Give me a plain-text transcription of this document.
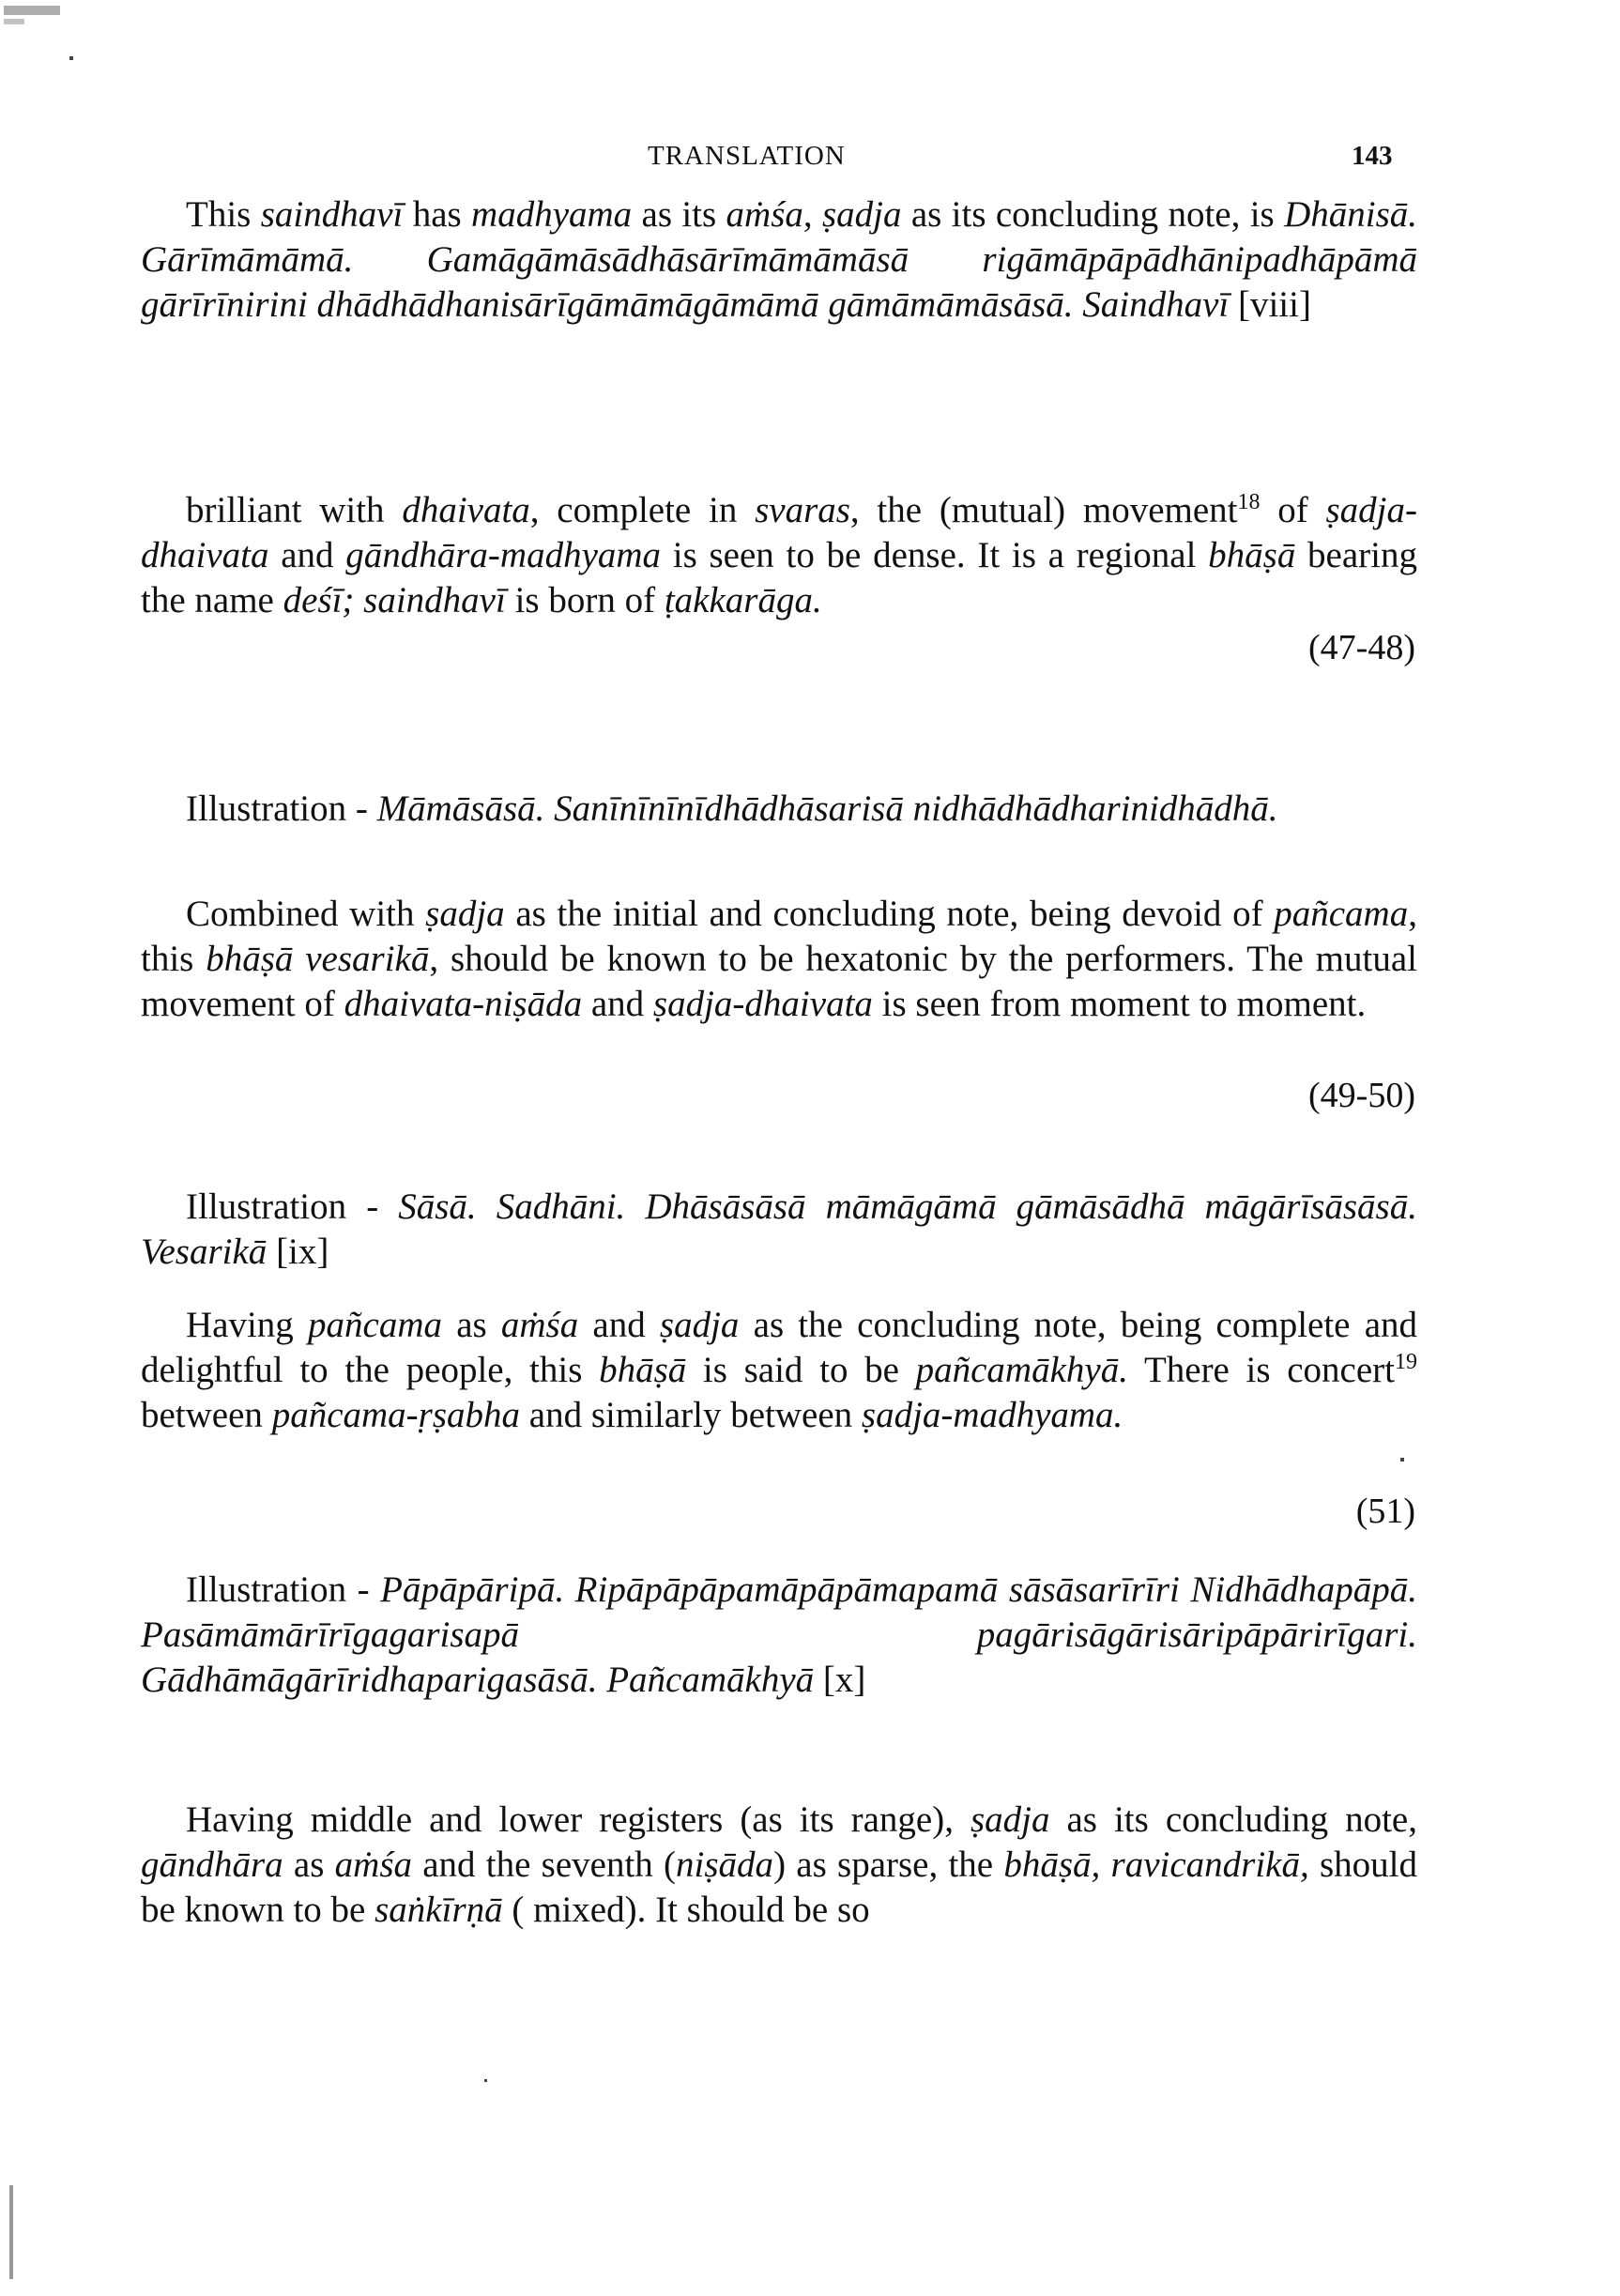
TRANSLATION	143

This saindhavī has madhyama as its aṁśa, ṣadja as its concluding note, is Dhānisā. Gārīmāmāmā. Gamāgāmāsādhāsārīmāmāmāsā rigāmāpāpādhānipadhāpāmā gārīrīnirini dhādhādhanisārīgāmāmāgāmāmā gāmāmāmāsāsā. Saindhavī [viii]

brilliant with dhaivata, complete in svaras, the (mutual) movement$^{18}$ of ṣadja-dhaivata and gāndhāra-madhyama is seen to be dense. It is a regional bhāṣā bearing the name deśī; saindhavī is born of ṭakkarāga.

(47-48)

Illustration - Māmāsāsā. Sanīnīnīnīdhādhāsarisā nidhādhādharinidhādhā.

Combined with ṣadja as the initial and concluding note, being devoid of pañcama, this bhāṣā vesarikā, should be known to be hexatonic by the performers. The mutual movement of dhaivata-niṣāda and ṣadja-dhaivata is seen from moment to moment.

(49-50)

Illustration - Sāsā. Sadhāni. Dhāsāsāsā māmāgāmā gāmāsādhā māgārīsāsāsā. Vesarikā [ix]

Having pañcama as aṁśa and ṣadja as the concluding note, being complete and delightful to the people, this bhāṣā is said to be pañcamākhyā. There is concert$^{19}$ between pañcama-ṛṣabha and similarly between ṣadja-madhyama.

(51)

Illustration - Pāpāpāripā. Ripāpāpāpamāpāpāmapamā sāsāsarīrīri Nidhādhapāpā. Pasāmāmārīrīgagarisapā pagārisāgārisāripāpārirīgari. Gādhāmāgārīridhaparigasāsā. Pañcamākhyā [x]

Having middle and lower registers (as its range), ṣadja as its concluding note, gāndhāra as aṁśa and the seventh (niṣāda) as sparse, the bhāṣā, ravicandrikā, should be known to be saṅkīrṇā ( mixed). It should be so
